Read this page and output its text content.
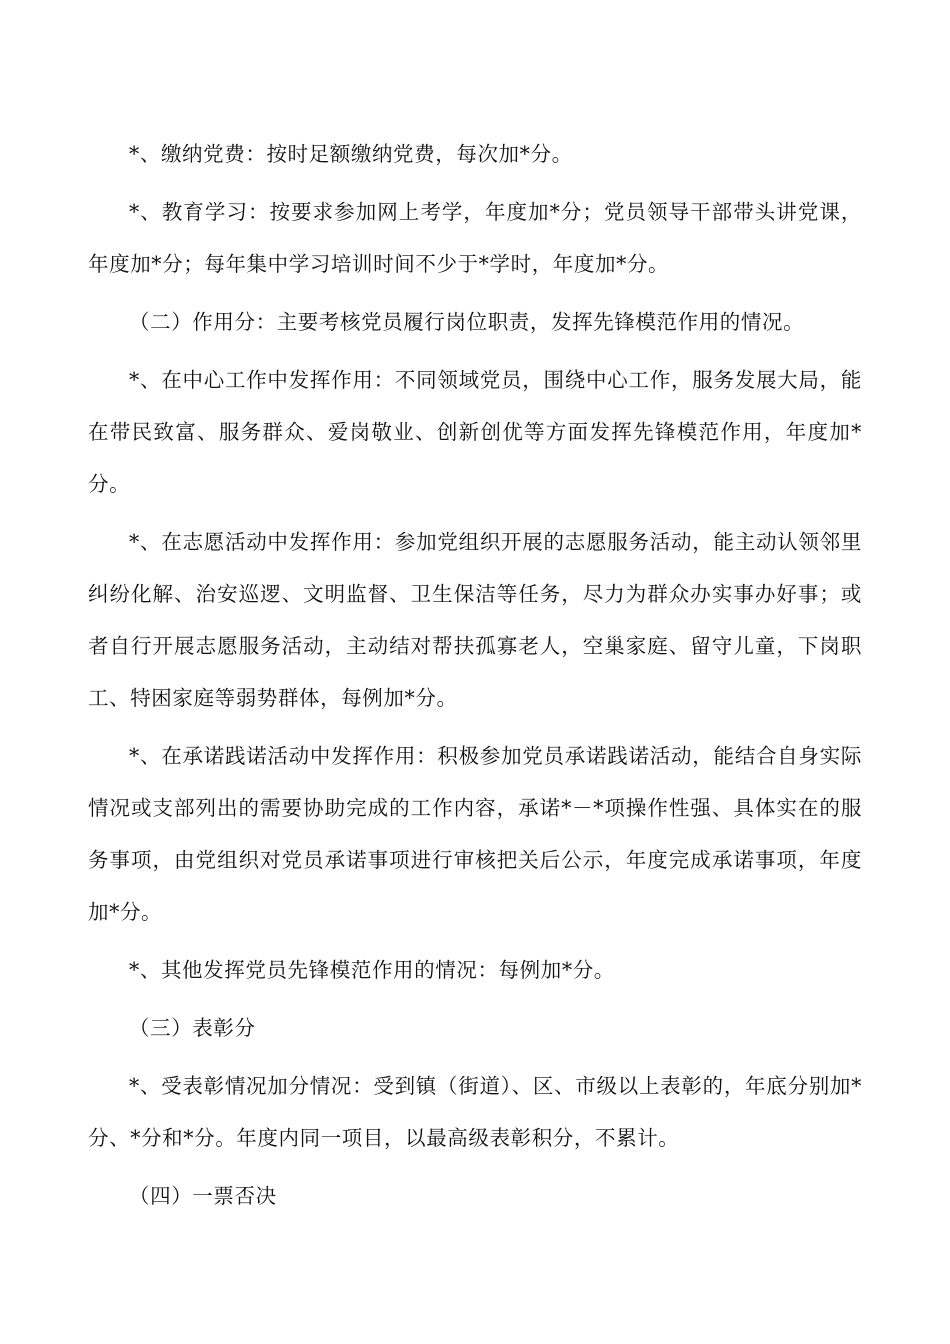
*、缴纳党费：按时足额缴纳党费，每次加*分。

*、教育学习：按要求参加网上考学，年度加*分；党员领导干部带头讲党课，年度加*分；每年集中学习培训时间不少于*学时，年度加*分。

（二）作用分：主要考核党员履行岗位职责，发挥先锋模范作用的情况。

*、在中心工作中发挥作用：不同领域党员，围绕中心工作，服务发展大局，能在带民致富、服务群众、爱岗敬业、创新创优等方面发挥先锋模范作用，年度加*分。

*、在志愿活动中发挥作用：参加党组织开展的志愿服务活动，能主动认领邻里纠纷化解、治安巡逻、文明监督、卫生保洁等任务，尽力为群众办实事办好事；或者自行开展志愿服务活动，主动结对帮扶孤寡老人，空巢家庭、留守儿童，下岗职工、特困家庭等弱势群体，每例加*分。

*、在承诺践诺活动中发挥作用：积极参加党员承诺践诺活动，能结合自身实际情况或支部列出的需要协助完成的工作内容，承诺*－*项操作性强、具体实在的服务事项，由党组织对党员承诺事项进行审核把关后公示，年度完成承诺事项，年度加*分。

*、其他发挥党员先锋模范作用的情况：每例加*分。

（三）表彰分

*、受表彰情况加分情况：受到镇（街道）、区、市级以上表彰的，年底分别加*分、*分和*分。年度内同一项目，以最高级表彰积分，不累计。

（四）一票否决
